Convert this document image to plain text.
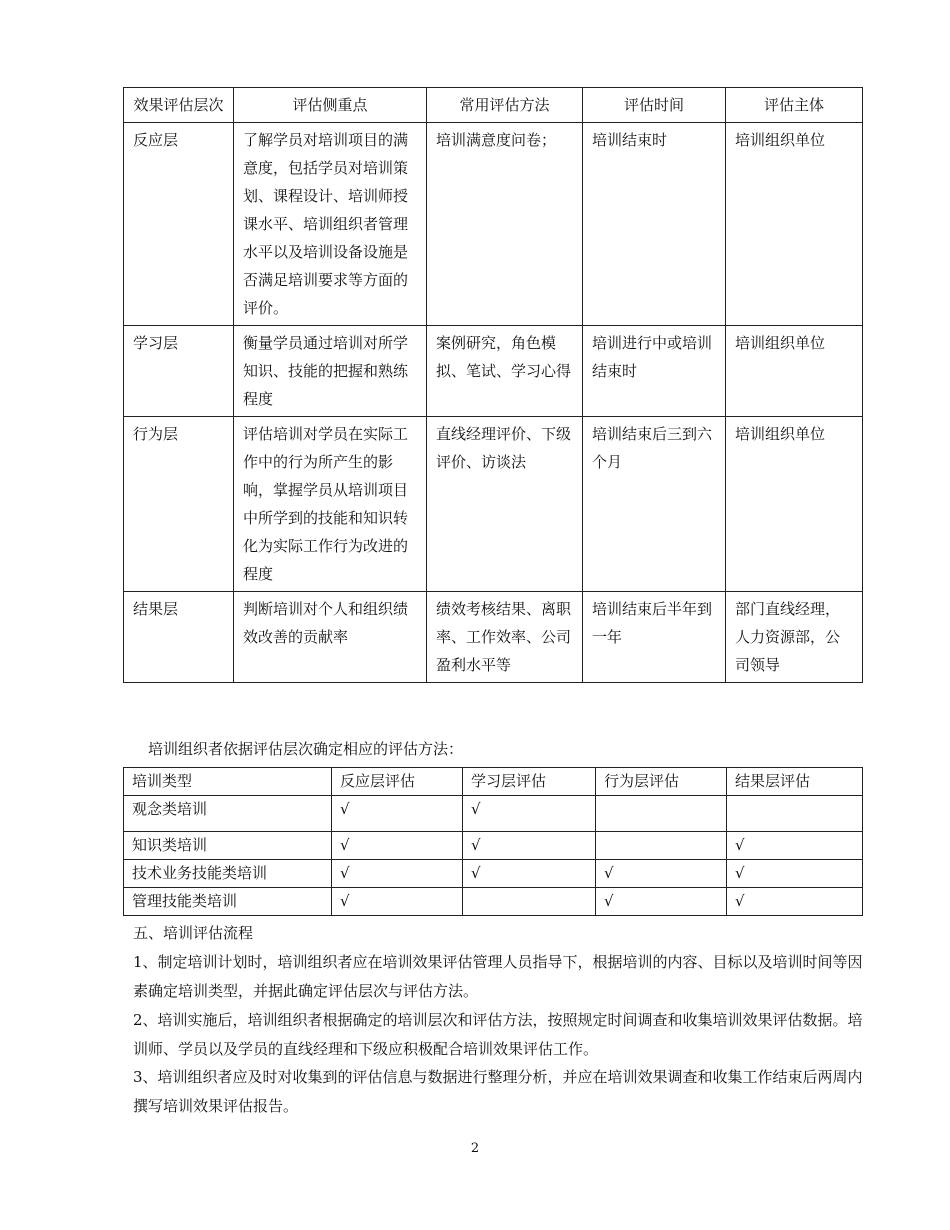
效果评估层次	评估侧重点	常用评估方法	评估时间	评估主体
反应层	了解学员对培训项目的满意度，包括学员对培训策划、课程设计、培训师授课水平、培训组织者管理水平以及培训设备设施是否满足培训要求等方面的评价。	培训满意度问卷；	培训结束时	培训组织单位
学习层	衡量学员通过培训对所学知识、技能的把握和熟练程度	案例研究，角色模拟、笔试、学习心得	培训进行中或培训结束时	培训组织单位
行为层	评估培训对学员在实际工作中的行为所产生的影响，掌握学员从培训项目中所学到的技能和知识转化为实际工作行为改进的程度	直线经理评价、下级评价、访谈法	培训结束后三到六个月	培训组织单位
结果层	判断培训对个人和组织绩效改善的贡献率	绩效考核结果、离职率、工作效率、公司盈利水平等	培训结束后半年到一年	部门直线经理，人力资源部，公司领导
培训组织者依据评估层次确定相应的评估方法：
培训类型	反应层评估	学习层评估	行为层评估	结果层评估
观念类培训	√	√		
知识类培训	√	√		√
技术业务技能类培训	√	√	√	√
管理技能类培训	√		√	√
五、培训评估流程
1、制定培训计划时，培训组织者应在培训效果评估管理人员指导下，根据培训的内容、目标以及培训时间等因素确定培训类型，并据此确定评估层次与评估方法。
2、培训实施后，培训组织者根据确定的培训层次和评估方法，按照规定时间调查和收集培训效果评估数据。培训师、学员以及学员的直线经理和下级应积极配合培训效果评估工作。
3、培训组织者应及时对收集到的评估信息与数据进行整理分析，并应在培训效果调查和收集工作结束后两周内撰写培训效果评估报告。
2
